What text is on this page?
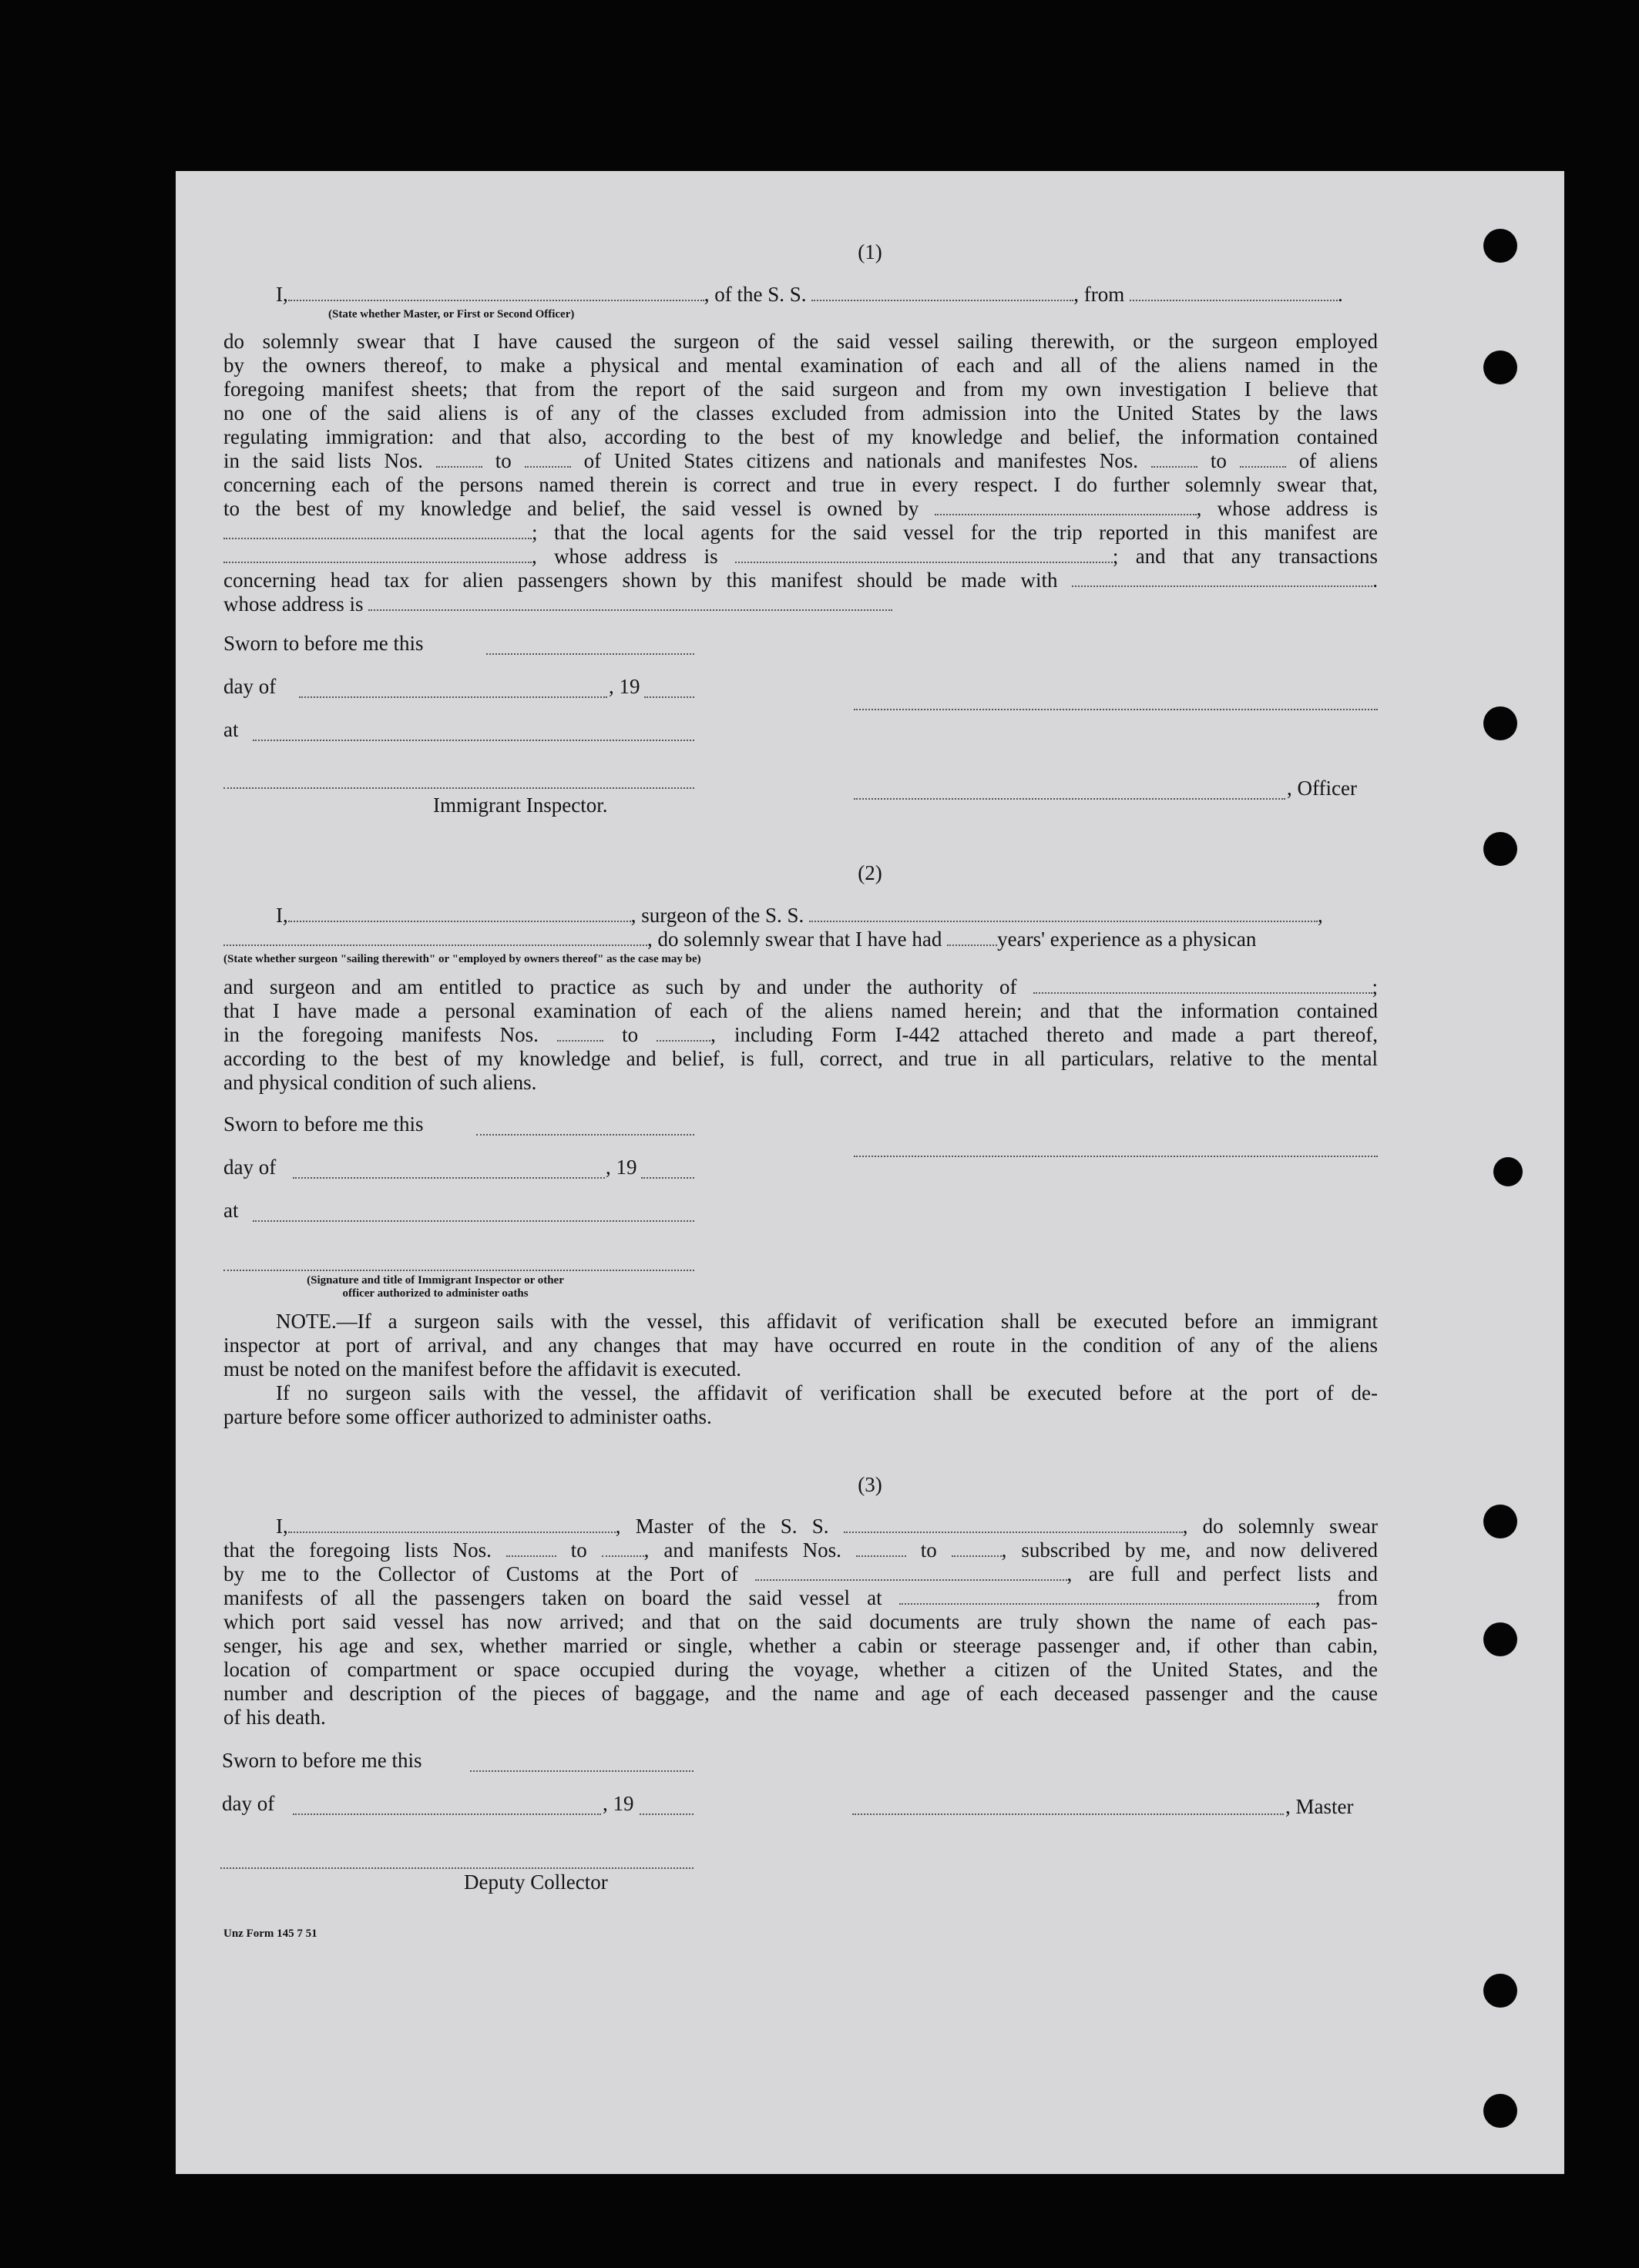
(1)
I,	, of the S. S.	, from	.
(State whether Master, or First or Second Officer)
do solemnly swear that I have caused the surgeon of the said vessel sailing therewith, or the surgeon employed
by the owners thereof, to make a physical and mental examination of each and all of the aliens named in the
foregoing manifest sheets; that from the report of the said surgeon and from my own investigation I believe that
no one of the said aliens is of any of the classes excluded from admission into the United States by the laws
regulating immigration: and that also, according to the best of my knowledge and belief, the information contained
in the said lists Nos.	to	of United States citizens and nationals and manifestes Nos.	to	of aliens
concerning each of the persons named therein is correct and true in every respect. I do further solemnly swear that,
to the best of my knowledge and belief, the said vessel is owned by	, whose address is
; that the local agents for the said vessel for the trip reported in this manifest are
, whose address is	; and that any transactions
concerning head tax for alien passengers shown by this manifest should be made with	.
whose address is
Sworn to before me this
day of	, 19
at
, Officer
Immigrant Inspector.
(2)
I,	, surgeon of the S. S.	,
, do solemnly swear that I have had	years' experience as a physican
(State whether surgeon "sailing therewith" or "employed by owners thereof" as the case may be)
and surgeon and am entitled to practice as such by and under the authority of	;
that I have made a personal examination of each of the aliens named herein; and that the information contained
in the foregoing manifests Nos.	to	, including Form I-442 attached thereto and made a part thereof,
according to the best of my knowledge and belief, is full, correct, and true in all particulars, relative to the mental
and physical condition of such aliens.
Sworn to before me this
day of	, 19
at
(Signature and title of Immigrant Inspector or other
officer authorized to administer oaths
NOTE.—If a surgeon sails with the vessel, this affidavit of verification shall be executed before an immigrant
inspector at port of arrival, and any changes that may have occurred en route in the condition of any of the aliens
must be noted on the manifest before the affidavit is executed.
If no surgeon sails with the vessel, the affidavit of verification shall be executed before at the port of de-
parture before some officer authorized to administer oaths.
(3)
I,	, Master of the S. S.	, do solemnly swear
that the foregoing lists Nos.	to	, and manifests Nos.	to	, subscribed by me, and now delivered
by me to the Collector of Customs at the Port of	, are full and perfect lists and
manifests of all the passengers taken on board the said vessel at	, from
which port said vessel has now arrived; and that on the said documents are truly shown the name of each pas-
senger, his age and sex, whether married or single, whether a cabin or steerage passenger and, if other than cabin,
location of compartment or space occupied during the voyage, whether a citizen of the United States, and the
number and description of the pieces of baggage, and the name and age of each deceased passenger and the cause
of his death.
Sworn to before me this
day of	, 19	, Master
Deputy Collector
Unz Form 145 7 51
